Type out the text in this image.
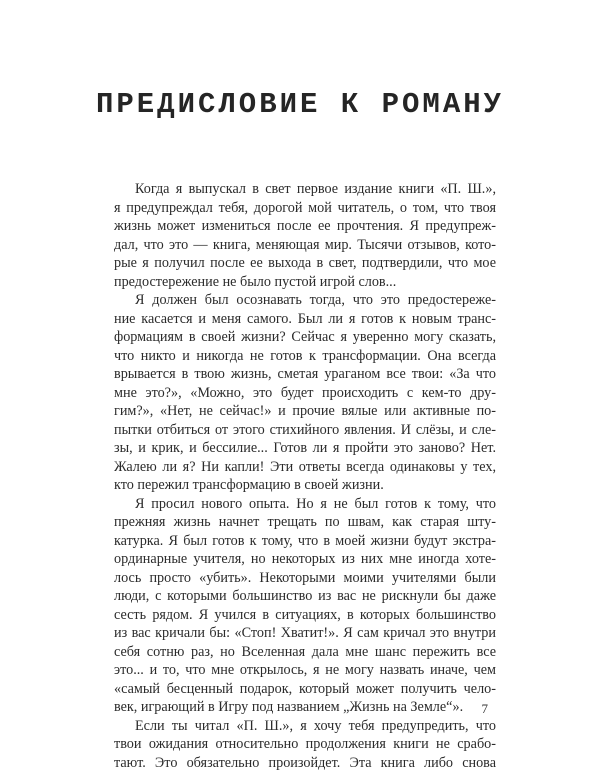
ПРЕДИСЛОВИЕ К РОМАНУ
Когда я выпускал в свет первое издание книги «П. Ш.»,
я предупреждал тебя, дорогой мой читатель, о том, что твоя
жизнь может измениться после ее прочтения. Я предупреж-
дал, что это — книга, меняющая мир. Тысячи отзывов, кото-
рые я получил после ее выхода в свет, подтвердили, что мое
предостережение не было пустой игрой слов...
Я должен был осознавать тогда, что это предостереже-
ние касается и меня самого. Был ли я готов к новым транс-
формациям в своей жизни? Сейчас я уверенно могу сказать,
что никто и никогда не готов к трансформации. Она всегда
врывается в твою жизнь, сметая ураганом все твои: «За что
мне это?», «Можно, это будет происходить с кем-то дру-
гим?», «Нет, не сейчас!» и прочие вялые или активные по-
пытки отбиться от этого стихийного явления. И слёзы, и сле-
зы, и крик, и бессилие... Готов ли я пройти это заново? Нет.
Жалею ли я? Ни капли! Эти ответы всегда одинаковы у тех,
кто пережил трансформацию в своей жизни.
Я просил нового опыта. Но я не был готов к тому, что
прежняя жизнь начнет трещать по швам, как старая шту-
катурка. Я был готов к тому, что в моей жизни будут экстра-
ординарные учителя, но некоторых из них мне иногда хоте-
лось просто «убить». Некоторыми моими учителями были
люди, с которыми большинство из вас не рискнули бы даже
сесть рядом. Я учился в ситуациях, в которых большинство
из вас кричали бы: «Стоп! Хватит!». Я сам кричал это внутри
себя сотню раз, но Вселенная дала мне шанс пережить все
это... и то, что мне открылось, я не могу назвать иначе, чем
«самый бесценный подарок, который может получить чело-
век, играющий в Игру под названием „Жизнь на Земле“».
Если ты читал «П. Ш.», я хочу тебя предупредить, что
твои ожидания относительно продолжения книги не срабо-
тают. Это обязательно произойдет. Эта книга либо снова
7
